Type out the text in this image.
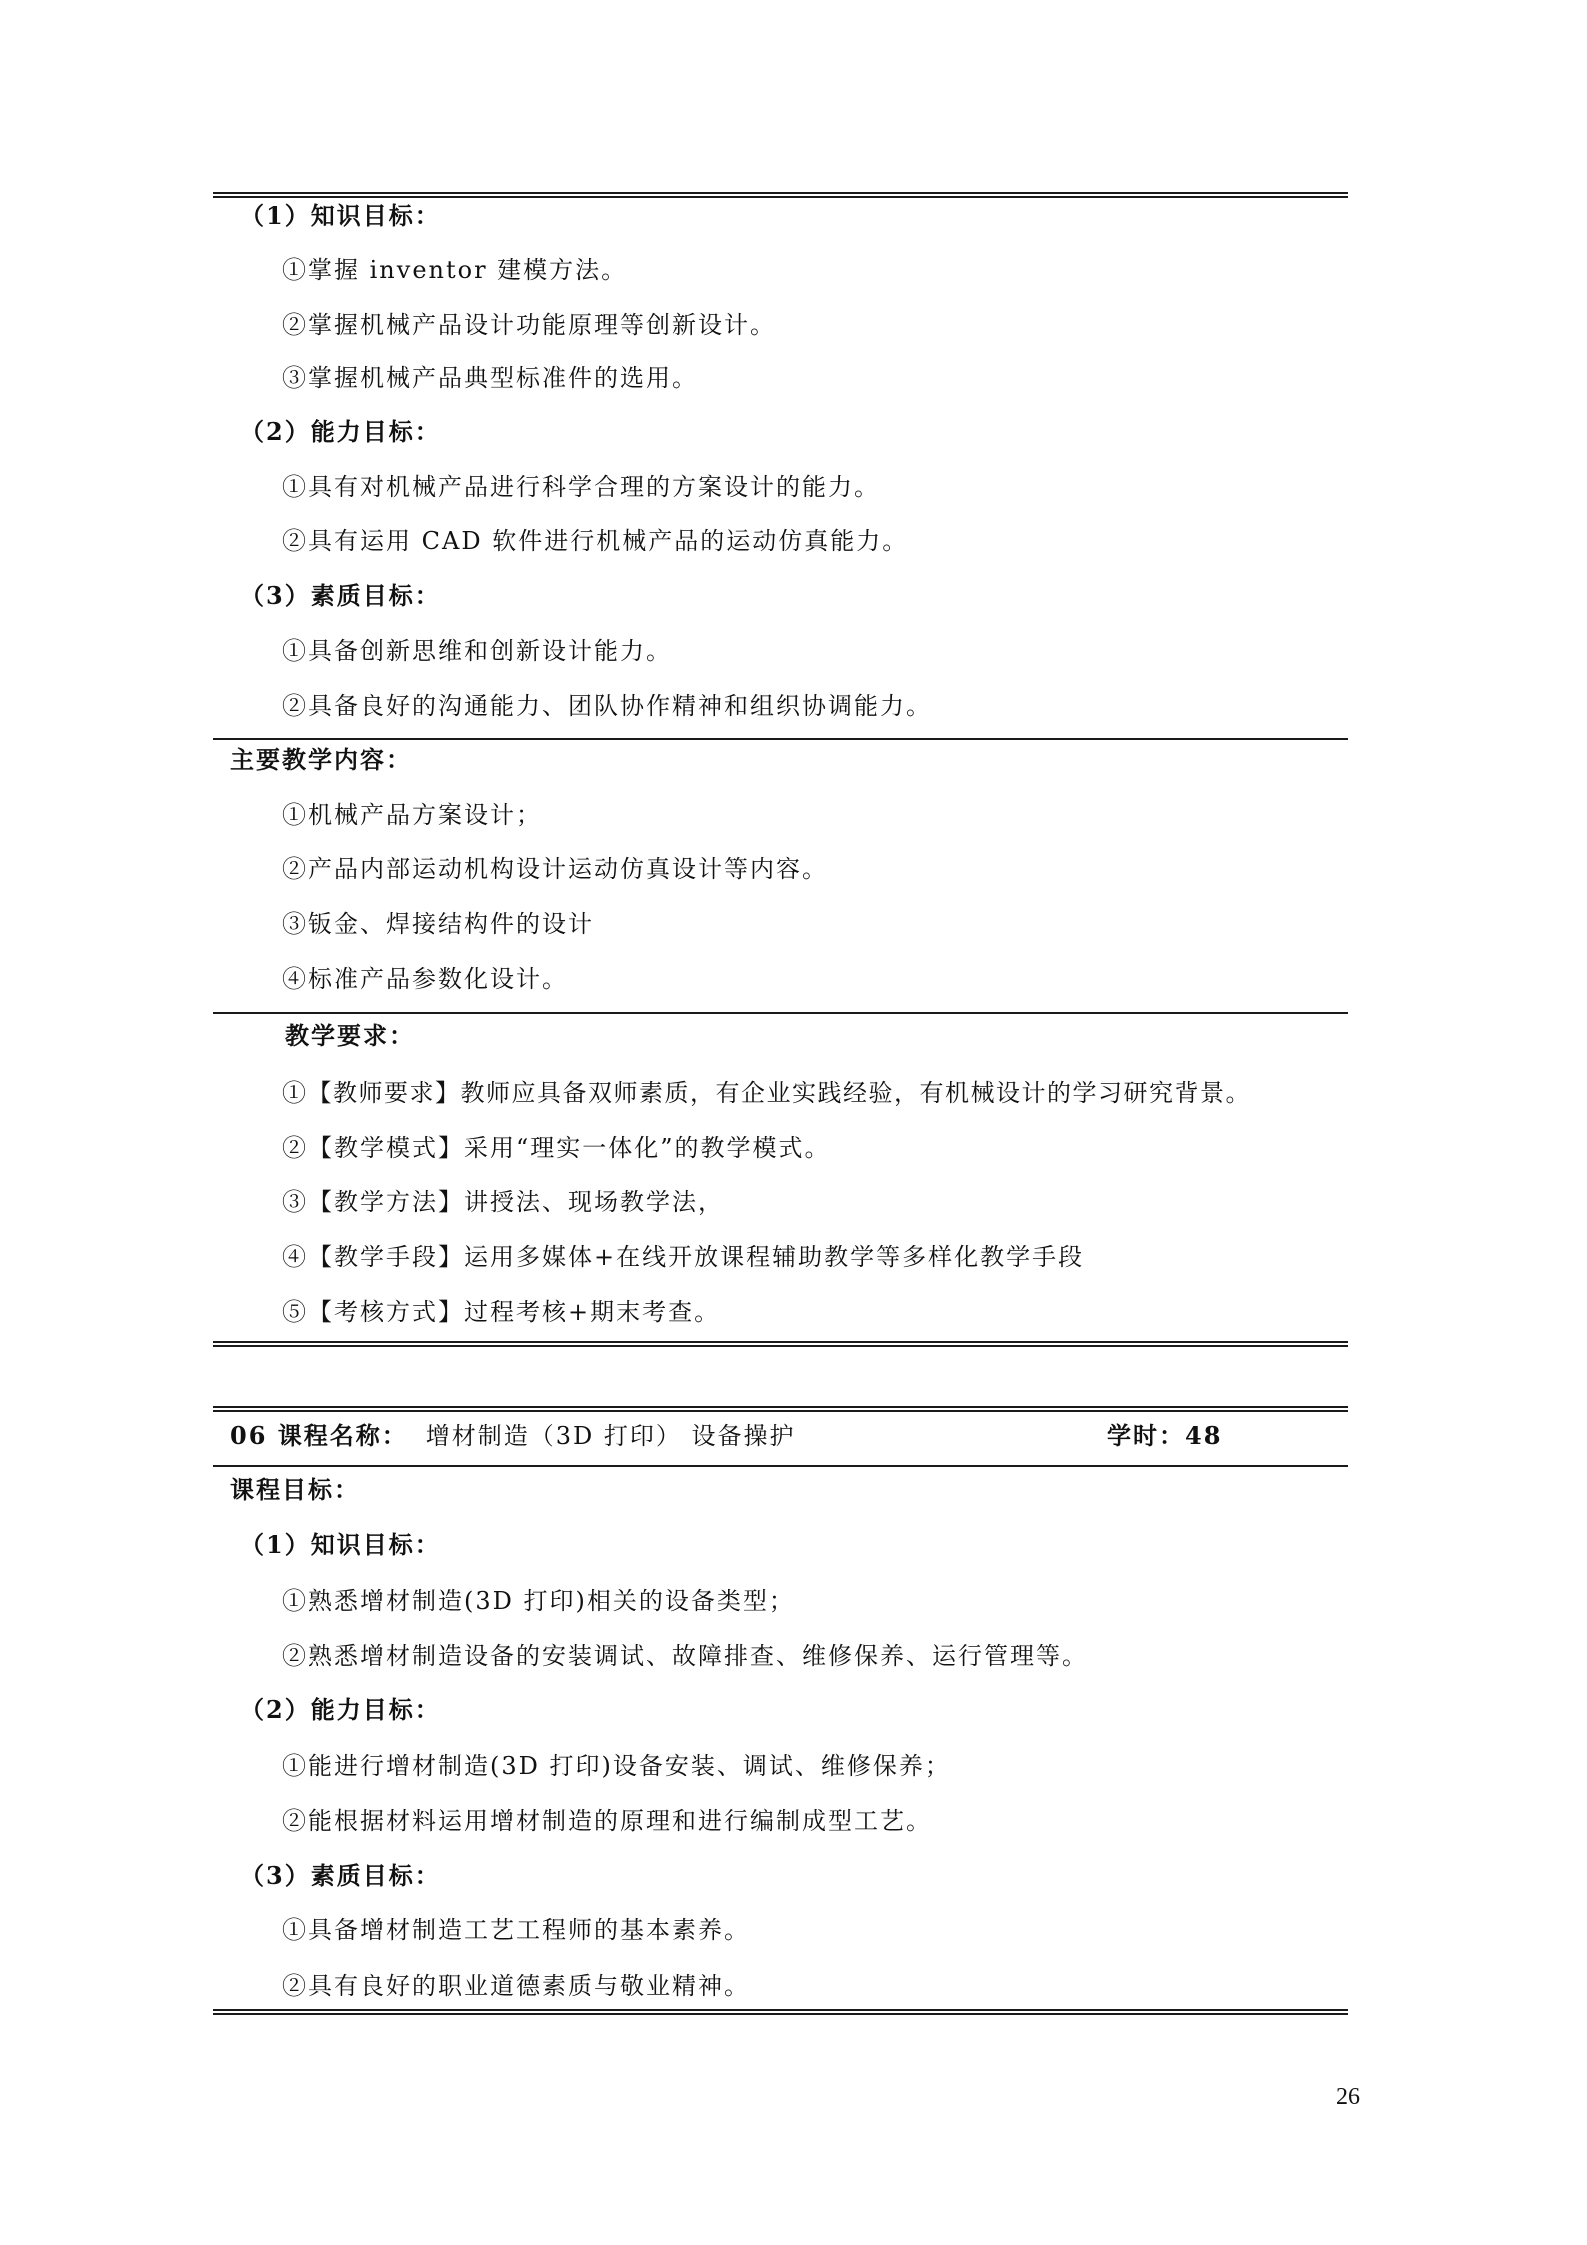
（1）知识目标：
①掌握 inventor 建模方法。
②掌握机械产品设计功能原理等创新设计。
③掌握机械产品典型标准件的选用。
（2）能力目标：
①具有对机械产品进行科学合理的方案设计的能力。
②具有运用 CAD 软件进行机械产品的运动仿真能力。
（3）素质目标：
①具备创新思维和创新设计能力。
②具备良好的沟通能力、团队协作精神和组织协调能力。
主要教学内容：
①机械产品方案设计；
②产品内部运动机构设计运动仿真设计等内容。
③钣金、焊接结构件的设计
④标准产品参数化设计。
教学要求：
①【教师要求】教师应具备双师素质，有企业实践经验，有机械设计的学习研究背景。
②【教学模式】采用“理实一体化”的教学模式。
③【教学方法】讲授法、现场教学法，
④【教学手段】运用多媒体+在线开放课程辅助教学等多样化教学手段
⑤【考核方式】过程考核+期末考查。
06 课程名称： 增材制造（3D 打印） 设备操护	学时：48
课程目标：
（1）知识目标：
①熟悉增材制造(3D 打印)相关的设备类型；
②熟悉增材制造设备的安装调试、故障排查、维修保养、运行管理等。
（2）能力目标：
①能进行增材制造(3D 打印)设备安装、调试、维修保养；
②能根据材料运用增材制造的原理和进行编制成型工艺。
（3）素质目标：
①具备增材制造工艺工程师的基本素养。
②具有良好的职业道德素质与敬业精神。
26
